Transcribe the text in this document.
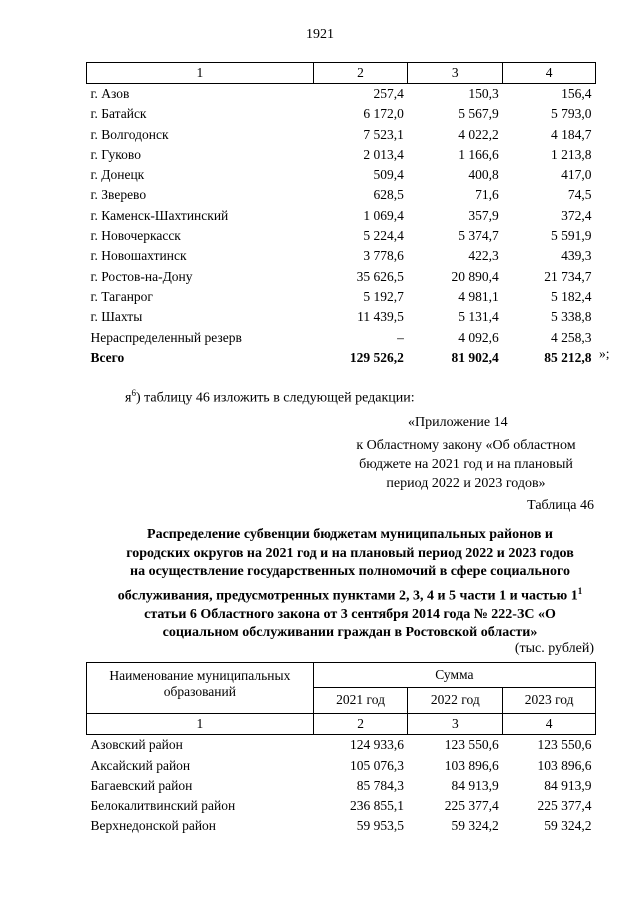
1921
1	2	3	4
г. Азов	257,4	150,3	156,4
г. Батайск	6 172,0	5 567,9	5 793,0
г. Волгодонск	7 523,1	4 022,2	4 184,7
г. Гуково	2 013,4	1 166,6	1 213,8
г. Донецк	509,4	400,8	417,0
г. Зверево	628,5	71,6	74,5
г. Каменск-Шахтинский	1 069,4	357,9	372,4
г. Новочеркасск	5 224,4	5 374,7	5 591,9
г. Новошахтинск	3 778,6	422,3	439,3
г. Ростов-на-Дону	35 626,5	20 890,4	21 734,7
г. Таганрог	5 192,7	4 981,1	5 182,4
г. Шахты	11 439,5	5 131,4	5 338,8
Нераспределенный резерв	–	4 092,6	4 258,3
Всего	129 526,2	81 902,4	85 212,8 »;
$я^6$) таблицу 46 изложить в следующей редакции:
«Приложение 14
к Областному закону «Об областном
бюджете на 2021 год и на плановый
период 2022 и 2023 годов»
Таблица 46
Распределение субвенции бюджетам муниципальных районов и
городских округов на 2021 год и на плановый период 2022 и 2023 годов
на осуществление государственных полномочий в сфере социального
обслуживания, предусмотренных пунктами 2, 3, 4 и 5 части 1 и частью $1^1$
статьи 6 Областного закона от 3 сентября 2014 года № 222-ЗС «О
социальном обслуживании граждан в Ростовской области»
(тыс. рублей)
Наименование муниципальных
образований	Сумма		
	2021 год	2022 год	2023 год
1	2	3	4
Азовский район	124 933,6	123 550,6	123 550,6
Аксайский район	105 076,3	103 896,6	103 896,6
Багаевский район	85 784,3	84 913,9	84 913,9
Белокалитвинский район	236 855,1	225 377,4	225 377,4
Верхнедонской район	59 953,5	59 324,2	59 324,2
